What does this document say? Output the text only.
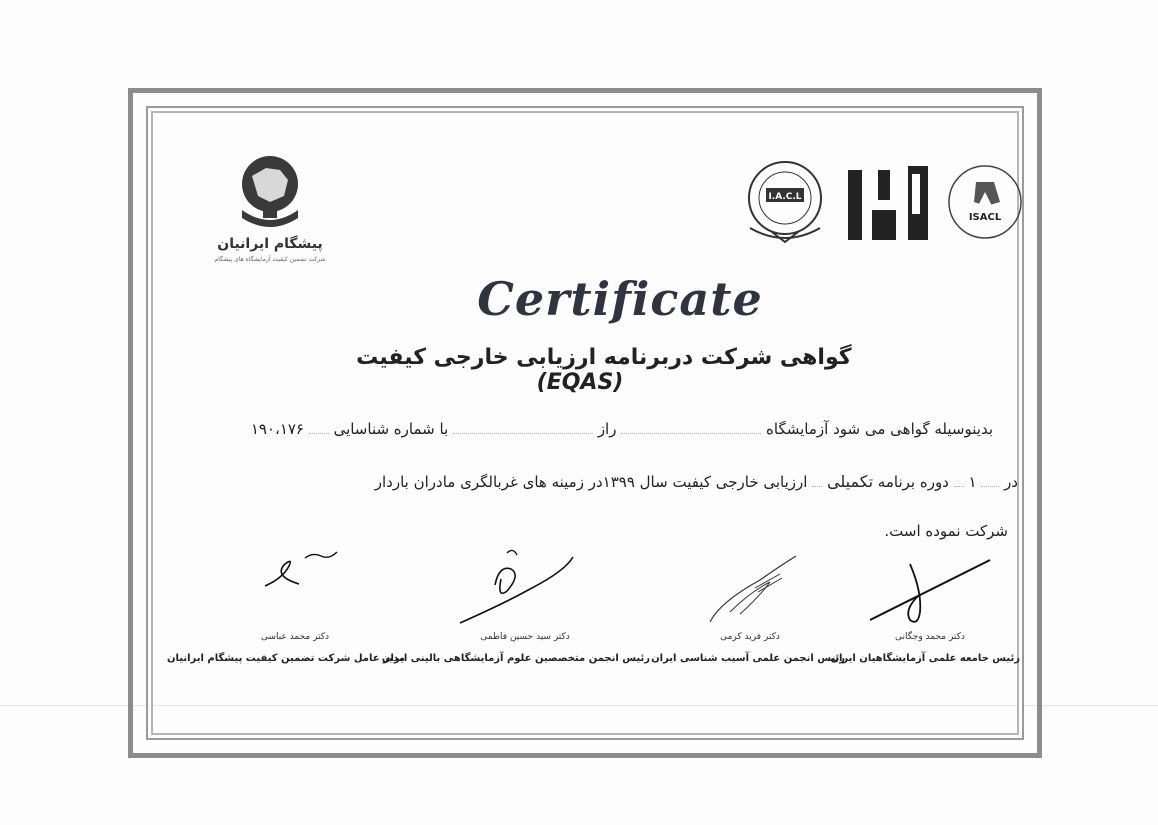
پیشگام ایرانیان
شرکت تضمین کیفیت آزمایشگاه های پیشگام
I.A.C.L
ISACL
Certificate
گواهی شرکت دربرنامه ارزیابی خارجی کیفیت  (EQAS)
بدینوسیله گواهی می شود آزمایشگاه  راز  با شماره شناسایی  ۱۹۰،۱۷۶
در  ۱  دوره برنامه تکمیلی  ارزیابی خارجی کیفیت سال ۱۳۹۹در زمینه های غربالگری مادران باردار
شرکت نموده است.
دکتر محمد وجگانی
رئیس جامعه علمی آزمایشگاهیان ایران
دکتر فرید کرمی
رئیس انجمن علمی آسیب شناسی ایران
دکتر سید حسین فاطمی
رئیس انجمن متخصصین علوم آزمایشگاهی بالینی ایران
دکتر محمد عباسی
مدیر عامل شرکت تضمین کیفیت پیشگام ایرانیان
